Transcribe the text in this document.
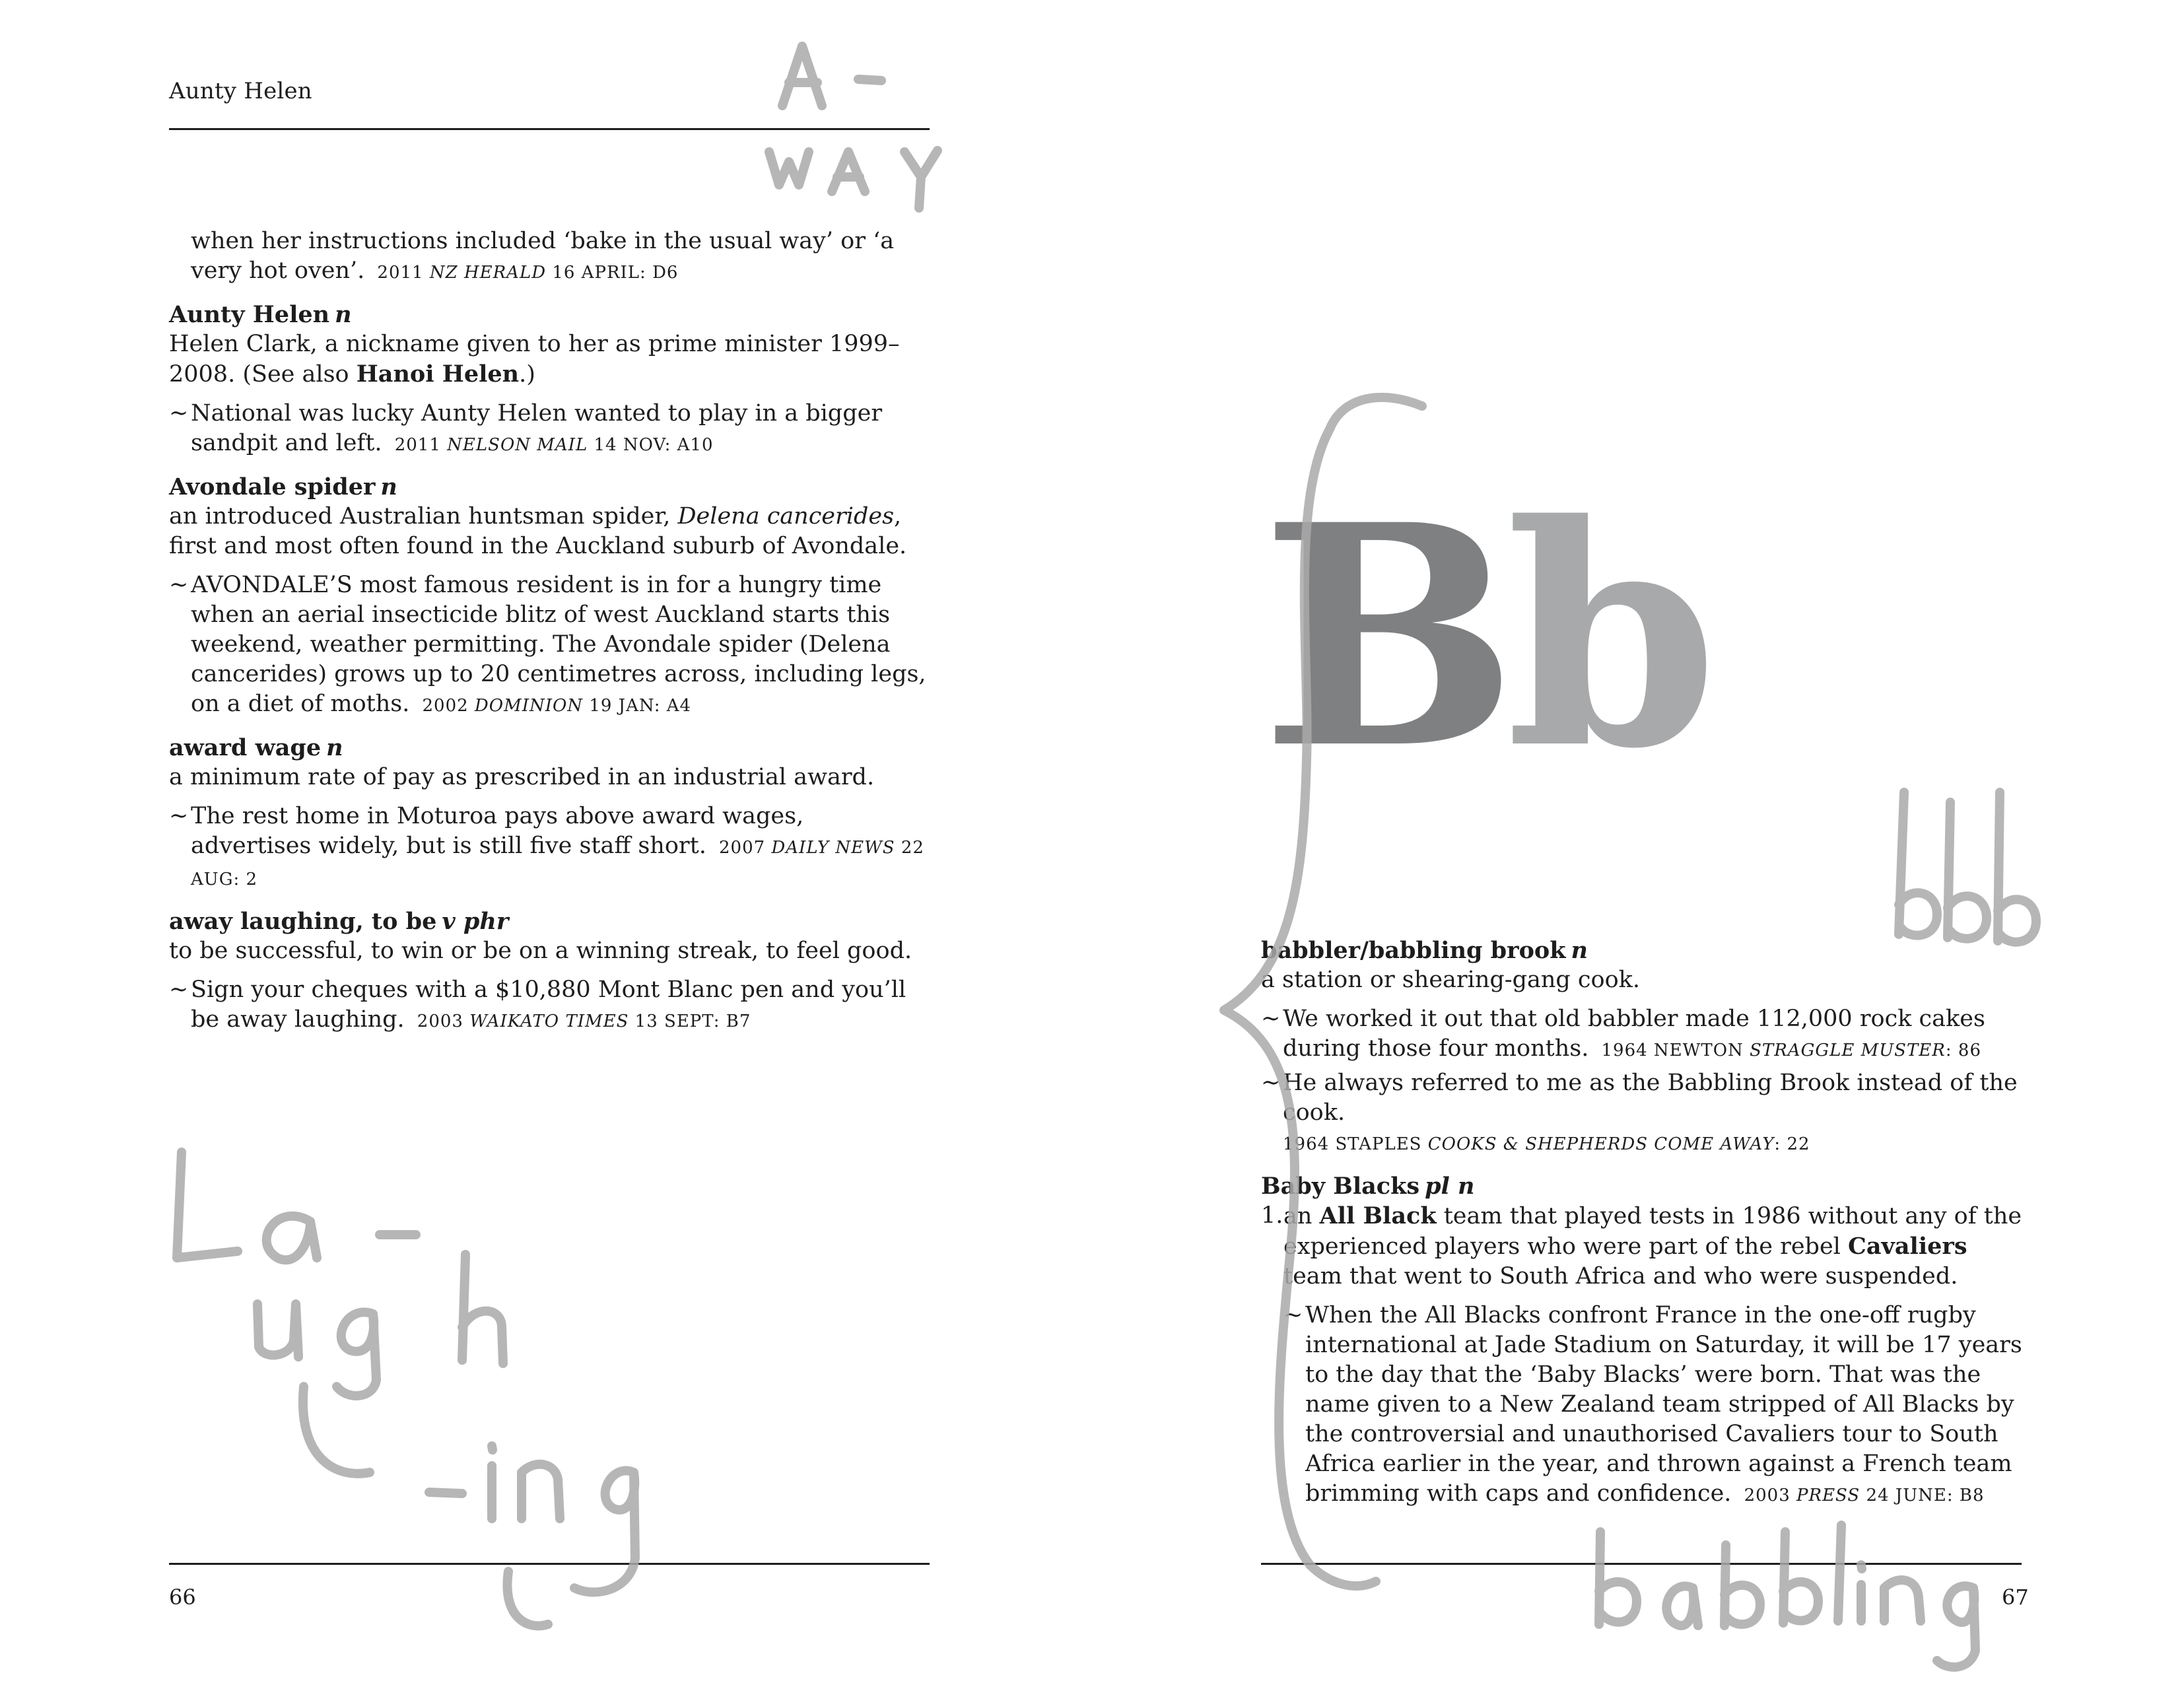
Aunty Helen
when her instructions included ‘bake in the usual way’ or ‘a very hot oven’. 2011 NZ HERALD 16 APRIL: D6
Aunty Helen n
Helen Clark, a nickname given to her as prime minister 1999–2008. (See also Hanoi Helen.)
~ National was lucky Aunty Helen wanted to play in a bigger sandpit and left. 2011 NELSON MAIL 14 NOV: A10
Avondale spider n
an introduced Australian huntsman spider, Delena cancerides, first and most often found in the Auckland suburb of Avondale.
~ AVONDALE’S most famous resident is in for a hungry time when an aerial insecticide blitz of west Auckland starts this weekend, weather permitting. The Avondale spider (Delena cancerides) grows up to 20 centimetres across, including legs, on a diet of moths. 2002 DOMINION 19 JAN: A4
award wage n
a minimum rate of pay as prescribed in an industrial award.
~ The rest home in Moturoa pays above award wages, advertises widely, but is still five staff short. 2007 DAILY NEWS 22 AUG: 2
away laughing, to be v phr
to be successful, to win or be on a winning streak, to feel good.
~ Sign your cheques with a $10,880 Mont Blanc pen and you’ll be away laughing. 2003 WAIKATO TIMES 13 SEPT: B7
66
Bb
babbler/babbling brook n
a station or shearing-gang cook.
~ We worked it out that old babbler made 112,000 rock cakes during those four months. 1964 NEWTON STRAGGLE MUSTER: 86
~ He always referred to me as the Babbling Brook instead of the cook.
1964 STAPLES COOKS & SHEPHERDS COME AWAY: 22
Baby Blacks pl n
1. an All Black team that played tests in 1986 without any of the experienced players who were part of the rebel Cavaliers team that went to South Africa and who were suspended.
~ When the All Blacks confront France in the one-off rugby international at Jade Stadium on Saturday, it will be 17 years to the day that the ‘Baby Blacks’ were born. That was the name given to a New Zealand team stripped of All Blacks by the controversial and unauthorised Cavaliers tour to South Africa earlier in the year, and thrown against a French team brimming with caps and confidence. 2003 PRESS 24 JUNE: B8
67
